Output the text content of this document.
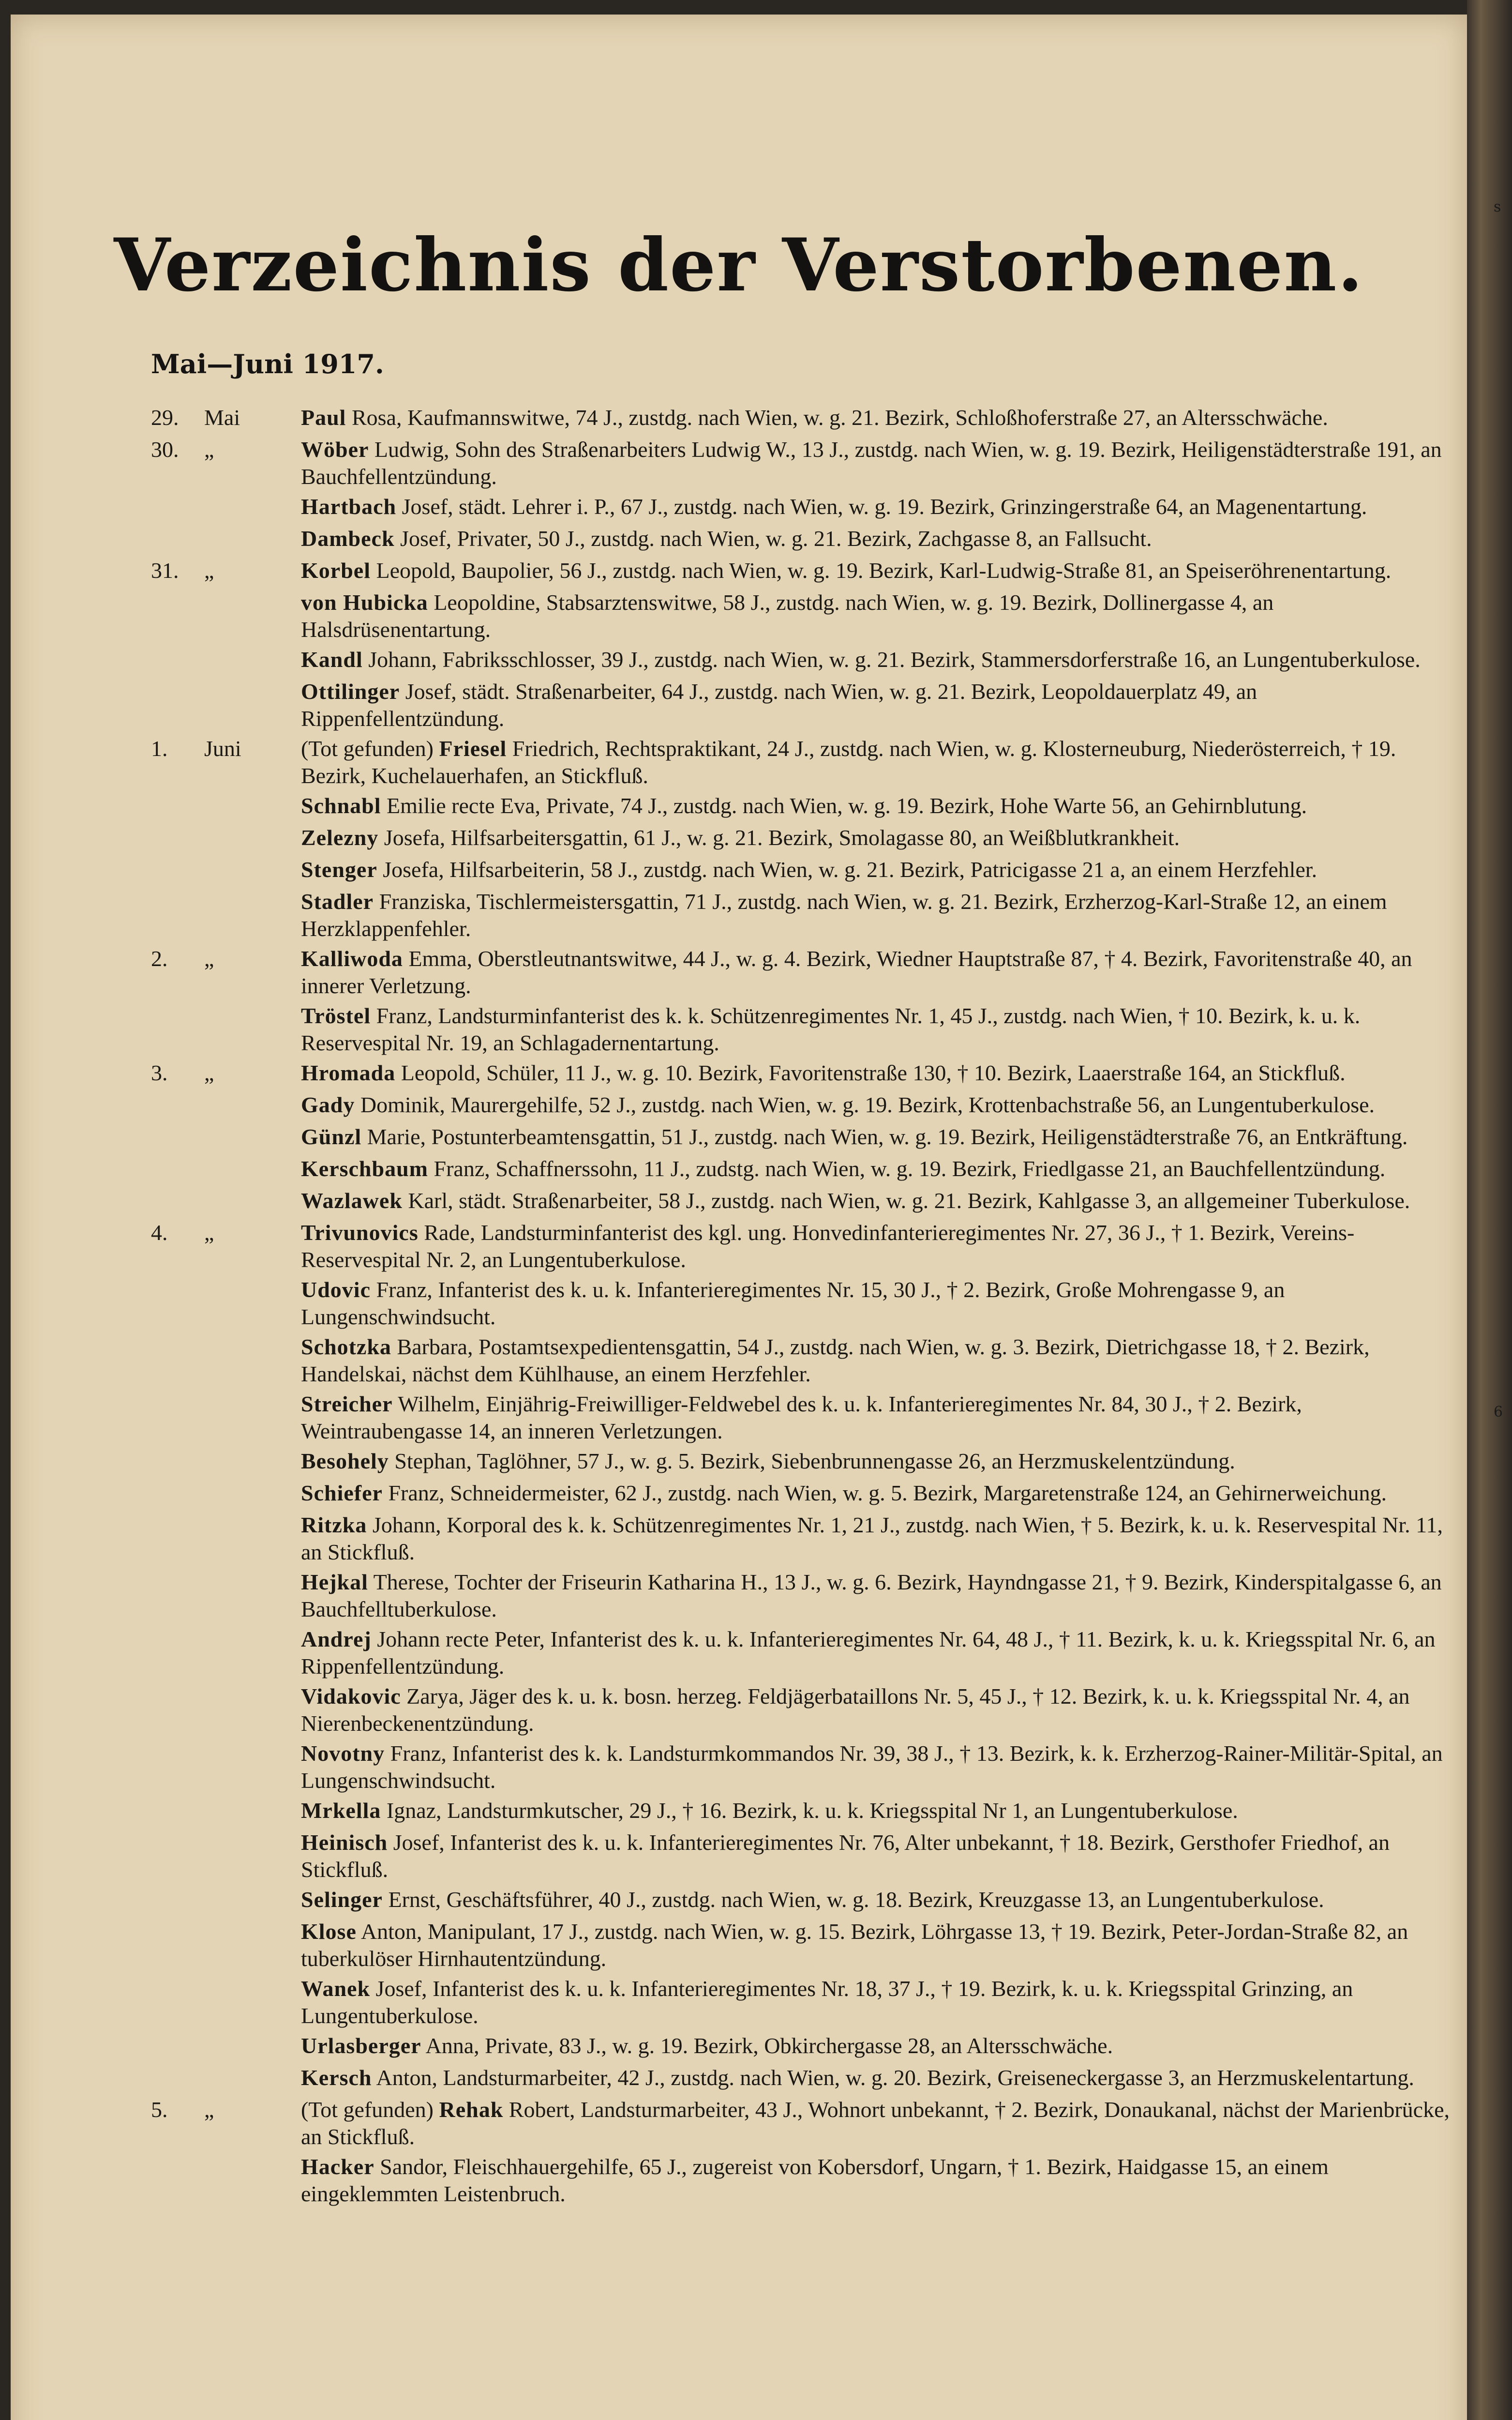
Verzeichnis der Verstorbenen.
Mai—Juni 1917.
29.	Mai	Paul Rosa, Kaufmannswitwe, 74 J., zustdg. nach Wien, w. g. 21. Bezirk, Schloßhoferstraße 27, an Altersschwäche.
30.	„	Wöber Ludwig, Sohn des Straßenarbeiters Ludwig W., 13 J., zustdg. nach Wien, w. g. 19. Bezirk, Heiligenstädterstraße 191, an Bauchfellentzündung.
Hartbach Josef, städt. Lehrer i. P., 67 J., zustdg. nach Wien, w. g. 19. Bezirk, Grinzingerstraße 64, an Magenentartung.
Dambeck Josef, Privater, 50 J., zustdg. nach Wien, w. g. 21. Bezirk, Zachgasse 8, an Fallsucht.
31.	„	Korbel Leopold, Baupolier, 56 J., zustdg. nach Wien, w. g. 19. Bezirk, Karl-Ludwig-Straße 81, an Speiseröhrenentartung.
von Hubicka Leopoldine, Stabsarztenswitwe, 58 J., zustdg. nach Wien, w. g. 19. Bezirk, Dollinergasse 4, an Halsdrüsenentartung.
Kandl Johann, Fabriksschlosser, 39 J., zustdg. nach Wien, w. g. 21. Bezirk, Stammersdorferstraße 16, an Lungentuberkulose.
Ottilinger Josef, städt. Straßenarbeiter, 64 J., zustdg. nach Wien, w. g. 21. Bezirk, Leopoldauerplatz 49, an Rippenfellentzündung.
1.	Juni	(Tot gefunden) Friesel Friedrich, Rechtspraktikant, 24 J., zustdg. nach Wien, w. g. Klosterneuburg, Niederösterreich, † 19. Bezirk, Kuchelauerhafen, an Stickfluß.
Schnabl Emilie recte Eva, Private, 74 J., zustdg. nach Wien, w. g. 19. Bezirk, Hohe Warte 56, an Gehirnblutung.
Zelezny Josefa, Hilfsarbeitersgattin, 61 J., w. g. 21. Bezirk, Smolagasse 80, an Weißblutkrankheit.
Stenger Josefa, Hilfsarbeiterin, 58 J., zustdg. nach Wien, w. g. 21. Bezirk, Patricigasse 21 a, an einem Herzfehler.
Stadler Franziska, Tischlermeistersgattin, 71 J., zustdg. nach Wien, w. g. 21. Bezirk, Erzherzog-Karl-Straße 12, an einem Herzklappenfehler.
2.	„	Kalliwoda Emma, Oberstleutnantswitwe, 44 J., w. g. 4. Bezirk, Wiedner Hauptstraße 87, † 4. Bezirk, Favoritenstraße 40, an innerer Verletzung.
Tröstel Franz, Landsturminfanterist des k. k. Schützenregimentes Nr. 1, 45 J., zustdg. nach Wien, † 10. Bezirk, k. u. k. Reservespital Nr. 19, an Schlagadernentartung.
3.	„	Hromada Leopold, Schüler, 11 J., w. g. 10. Bezirk, Favoritenstraße 130, † 10. Bezirk, Laaerstraße 164, an Stickfluß.
Gady Dominik, Maurergehilfe, 52 J., zustdg. nach Wien, w. g. 19. Bezirk, Krottenbachstraße 56, an Lungentuberkulose.
Günzl Marie, Postunterbeamtensgattin, 51 J., zustdg. nach Wien, w. g. 19. Bezirk, Heiligenstädterstraße 76, an Entkräftung.
Kerschbaum Franz, Schaffnerssohn, 11 J., zudstg. nach Wien, w. g. 19. Bezirk, Friedlgasse 21, an Bauchfellentzündung.
Wazlawek Karl, städt. Straßenarbeiter, 58 J., zustdg. nach Wien, w. g. 21. Bezirk, Kahlgasse 3, an allgemeiner Tuberkulose.
4.	„	Trivunovics Rade, Landsturminfanterist des kgl. ung. Honvedinfanterieregimentes Nr. 27, 36 J., † 1. Bezirk, Vereins-Reservespital Nr. 2, an Lungentuberkulose.
Udovic Franz, Infanterist des k. u. k. Infanterieregimentes Nr. 15, 30 J., † 2. Bezirk, Große Mohrengasse 9, an Lungenschwindsucht.
Schotzka Barbara, Postamtsexpedientensgattin, 54 J., zustdg. nach Wien, w. g. 3. Bezirk, Dietrichgasse 18, † 2. Bezirk, Handelskai, nächst dem Kühlhause, an einem Herzfehler.
Streicher Wilhelm, Einjährig-Freiwilliger-Feldwebel des k. u. k. Infanterieregimentes Nr. 84, 30 J., † 2. Bezirk, Weintraubengasse 14, an inneren Verletzungen.
Besohely Stephan, Taglöhner, 57 J., w. g. 5. Bezirk, Siebenbrunnengasse 26, an Herzmuskelentzündung.
Schiefer Franz, Schneidermeister, 62 J., zustdg. nach Wien, w. g. 5. Bezirk, Margaretenstraße 124, an Gehirnerweichung.
Ritzka Johann, Korporal des k. k. Schützenregimentes Nr. 1, 21 J., zustdg. nach Wien, † 5. Bezirk, k. u. k. Reservespital Nr. 11, an Stickfluß.
Hejkal Therese, Tochter der Friseurin Katharina H., 13 J., w. g. 6. Bezirk, Hayndngasse 21, † 9. Bezirk, Kinderspitalgasse 6, an Bauchfelltuberkulose.
Andrej Johann recte Peter, Infanterist des k. u. k. Infanterieregimentes Nr. 64, 48 J., † 11. Bezirk, k. u. k. Kriegsspital Nr. 6, an Rippenfellentzündung.
Vidakovic Zarya, Jäger des k. u. k. bosn. herzeg. Feldjägerbataillons Nr. 5, 45 J., † 12. Bezirk, k. u. k. Kriegsspital Nr. 4, an Nierenbeckenentzündung.
Novotny Franz, Infanterist des k. k. Landsturmkommandos Nr. 39, 38 J., † 13. Bezirk, k. k. Erzherzog-Rainer-Militär-Spital, an Lungenschwindsucht.
Mrkella Ignaz, Landsturmkutscher, 29 J., † 16. Bezirk, k. u. k. Kriegsspital Nr 1, an Lungentuberkulose.
Heinisch Josef, Infanterist des k. u. k. Infanterieregimentes Nr. 76, Alter unbekannt, † 18. Bezirk, Gersthofer Friedhof, an Stickfluß.
Selinger Ernst, Geschäftsführer, 40 J., zustdg. nach Wien, w. g. 18. Bezirk, Kreuzgasse 13, an Lungentuberkulose.
Klose Anton, Manipulant, 17 J., zustdg. nach Wien, w. g. 15. Bezirk, Löhrgasse 13, † 19. Bezirk, Peter-Jordan-Straße 82, an tuberkulöser Hirnhautentzündung.
Wanek Josef, Infanterist des k. u. k. Infanterieregimentes Nr. 18, 37 J., † 19. Bezirk, k. u. k. Kriegsspital Grinzing, an Lungentuberkulose.
Urlasberger Anna, Private, 83 J., w. g. 19. Bezirk, Obkirchergasse 28, an Altersschwäche.
Kersch Anton, Landsturmarbeiter, 42 J., zustdg. nach Wien, w. g. 20. Bezirk, Greiseneckergasse 3, an Herzmuskelentartung.
5.	„	(Tot gefunden) Rehak Robert, Landsturmarbeiter, 43 J., Wohnort unbekannt, † 2. Bezirk, Donaukanal, nächst der Marienbrücke, an Stickfluß.
Hacker Sandor, Fleischhauergehilfe, 65 J., zugereist von Kobersdorf, Ungarn, † 1. Bezirk, Haidgasse 15, an einem eingeklemmten Leistenbruch.
s
6
